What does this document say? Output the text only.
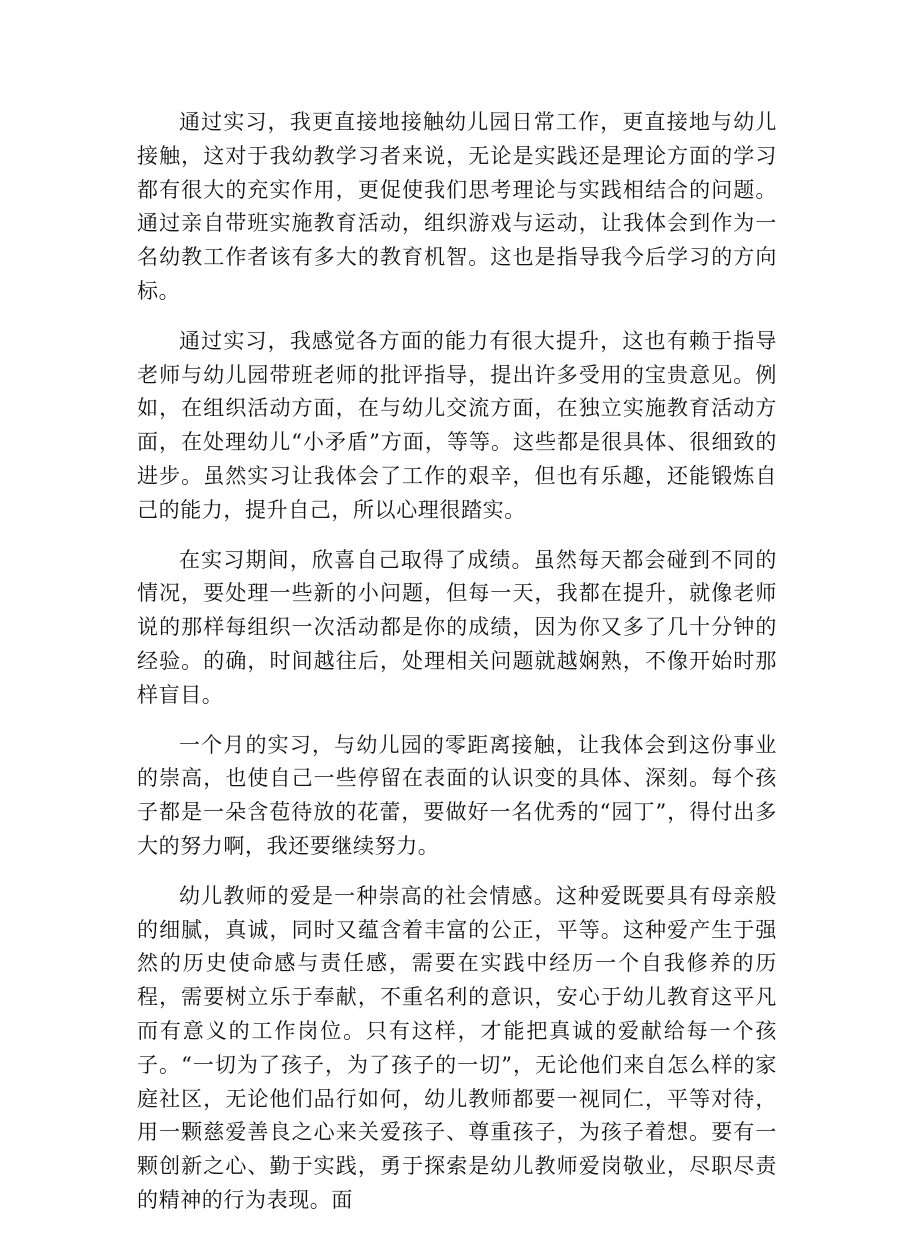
通过实习，我更直接地接触幼儿园日常工作，更直接地与幼儿接触，这对于我幼教学习者来说，无论是实践还是理论方面的学习都有很大的充实作用，更促使我们思考理论与实践相结合的问题。通过亲自带班实施教育活动，组织游戏与运动，让我体会到作为一名幼教工作者该有多大的教育机智。这也是指导我今后学习的方向标。

通过实习，我感觉各方面的能力有很大提升，这也有赖于指导老师与幼儿园带班老师的批评指导，提出许多受用的宝贵意见。例如，在组织活动方面，在与幼儿交流方面，在独立实施教育活动方面，在处理幼儿“小矛盾”方面，等等。这些都是很具体、很细致的进步。虽然实习让我体会了工作的艰辛，但也有乐趣，还能锻炼自己的能力，提升自己，所以心理很踏实。

在实习期间，欣喜自己取得了成绩。虽然每天都会碰到不同的情况，要处理一些新的小问题，但每一天，我都在提升，就像老师说的那样每组织一次活动都是你的成绩，因为你又多了几十分钟的经验。的确，时间越往后，处理相关问题就越娴熟，不像开始时那样盲目。

一个月的实习，与幼儿园的零距离接触，让我体会到这份事业的崇高，也使自己一些停留在表面的认识变的具体、深刻。每个孩子都是一朵含苞待放的花蕾，要做好一名优秀的“园丁”，得付出多大的努力啊，我还要继续努力。

幼儿教师的爱是一种崇高的社会情感。这种爱既要具有母亲般的细腻，真诚，同时又蕴含着丰富的公正，平等。这种爱产生于强然的历史使命感与责任感，需要在实践中经历一个自我修养的历程，需要树立乐于奉献，不重名利的意识，安心于幼儿教育这平凡而有意义的工作岗位。只有这样，才能把真诚的爱献给每一个孩子。“一切为了孩子，为了孩子的一切”，无论他们来自怎么样的家庭社区，无论他们品行如何，幼儿教师都要一视同仁，平等对待，用一颗慈爱善良之心来关爱孩子、尊重孩子，为孩子着想。要有一颗创新之心、勤于实践，勇于探索是幼儿教师爱岗敬业，尽职尽责的精神的行为表现。面
